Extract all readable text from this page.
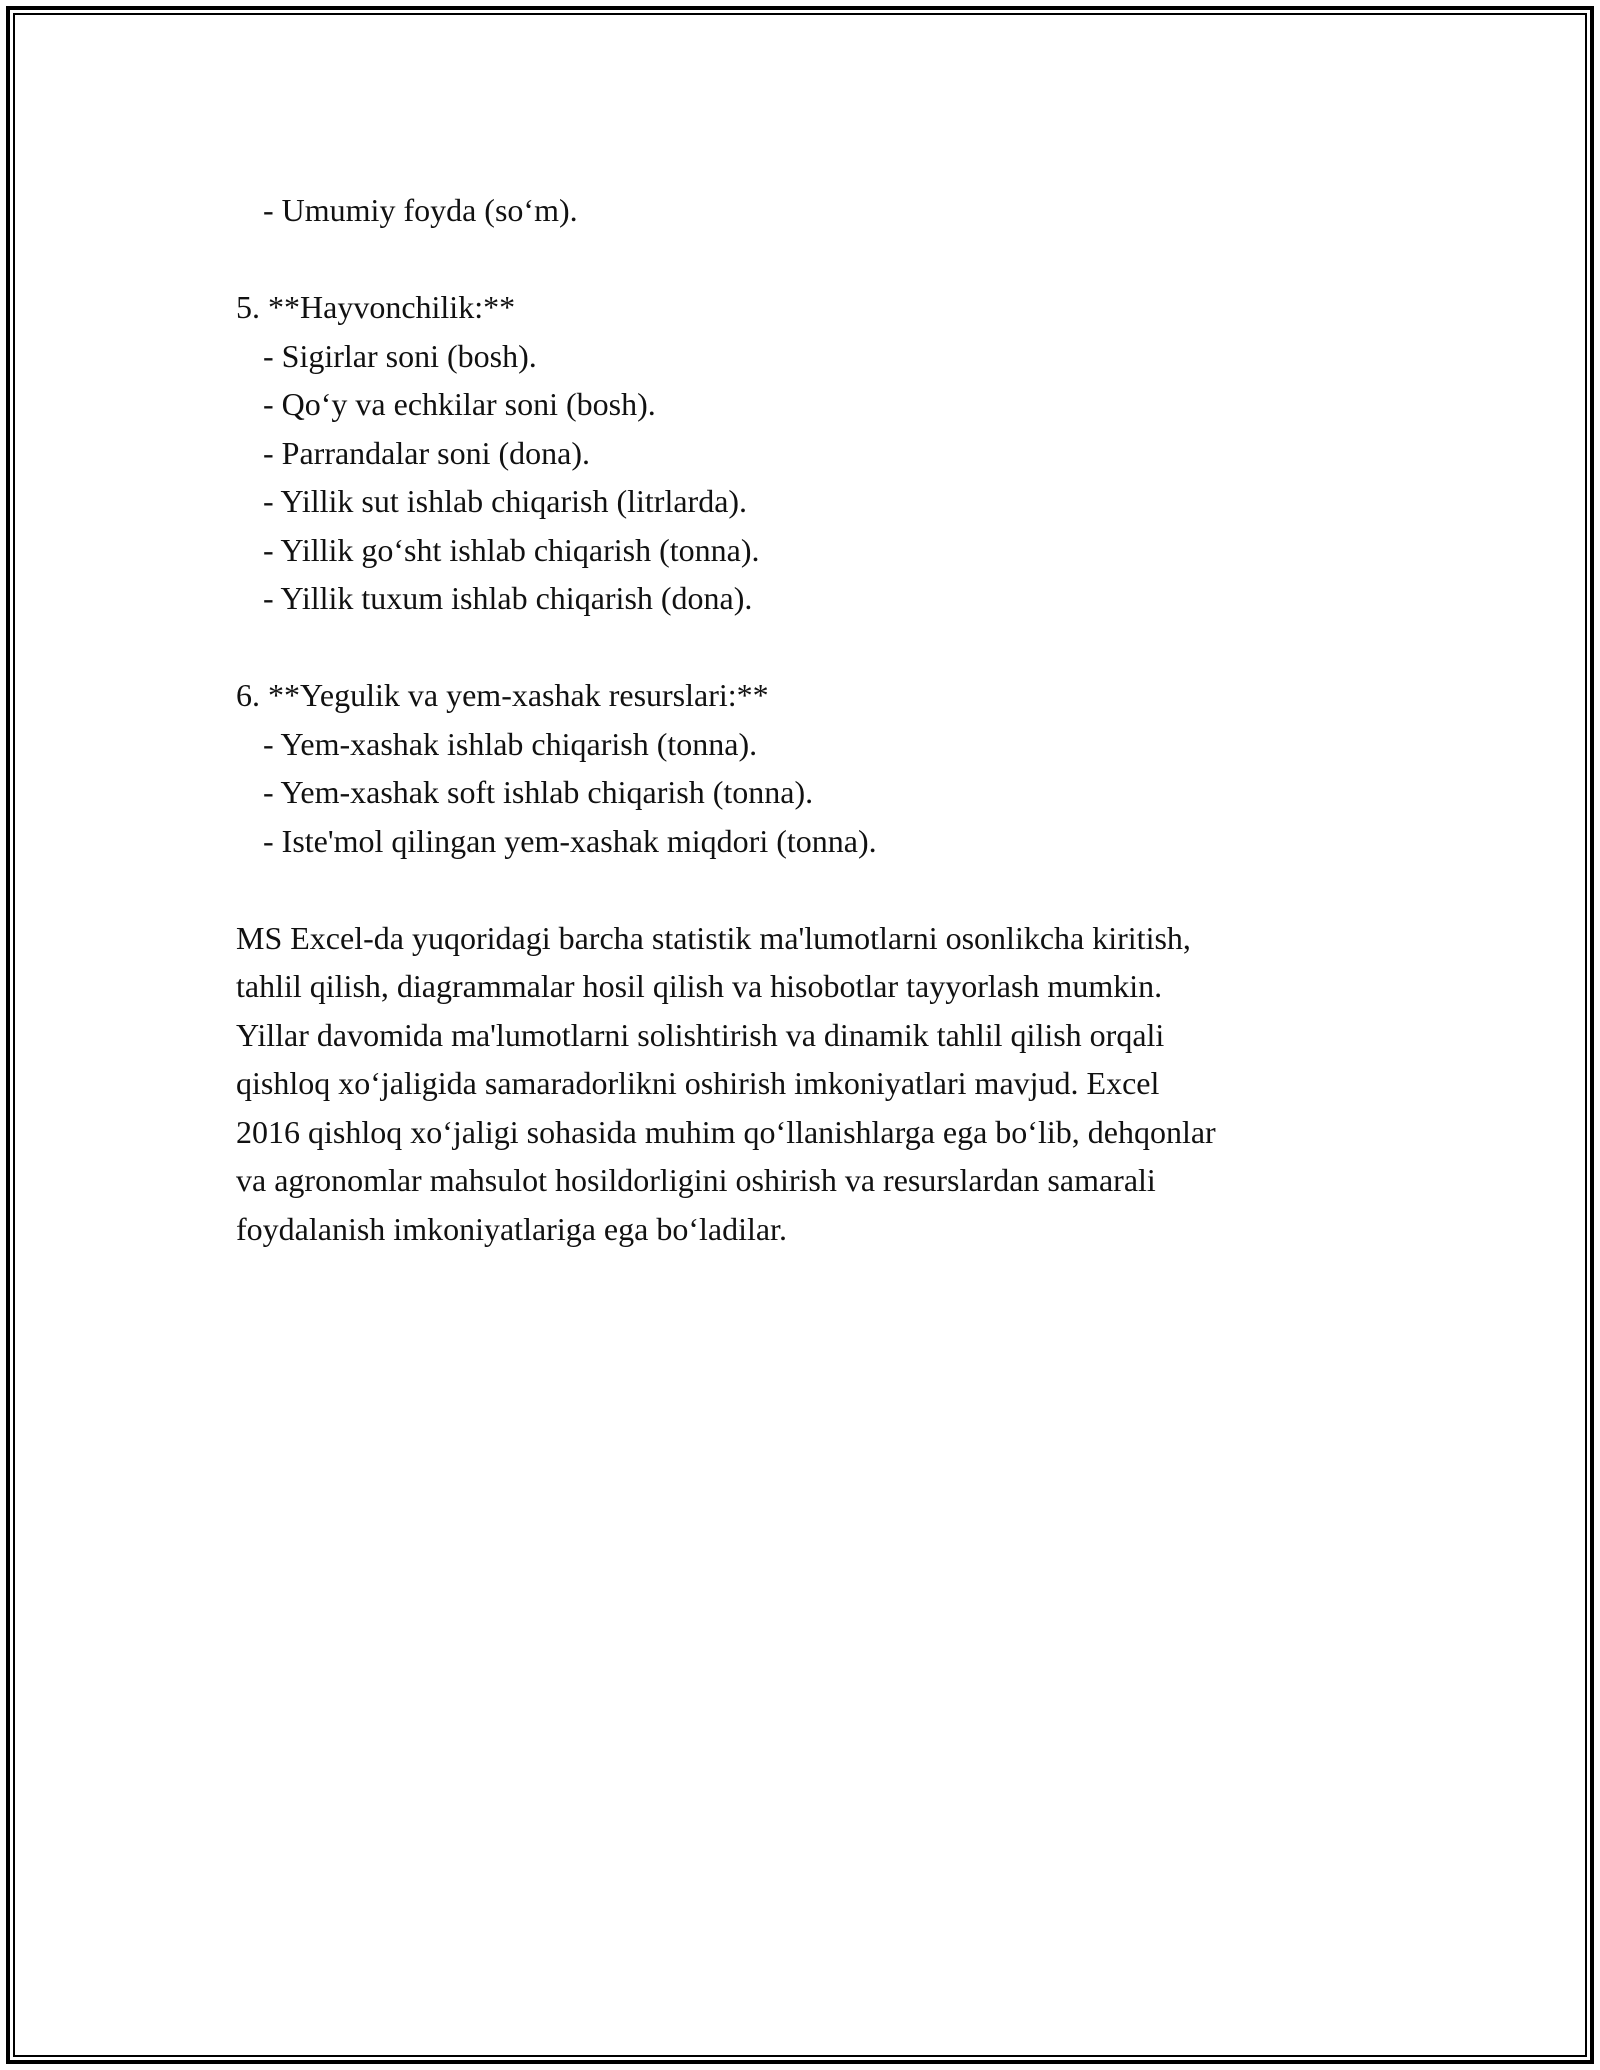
- Umumiy foyda (so‘m).
5. **Hayvonchilik:**
- Sigirlar soni (bosh).
- Qo‘y va echkilar soni (bosh).
- Parrandalar soni (dona).
- Yillik sut ishlab chiqarish (litrlarda).
- Yillik go‘sht ishlab chiqarish (tonna).
- Yillik tuxum ishlab chiqarish (dona).
6. **Yegulik va yem-xashak resurslari:**
- Yem-xashak ishlab chiqarish (tonna).
- Yem-xashak soft ishlab chiqarish (tonna).
- Iste'mol qilingan yem-xashak miqdori (tonna).
MS Excel-da yuqoridagi barcha statistik ma'lumotlarni osonlikcha kiritish,
tahlil qilish, diagrammalar hosil qilish va hisobotlar tayyorlash mumkin.
Yillar davomida ma'lumotlarni solishtirish va dinamik tahlil qilish orqali
qishloq xo‘jaligida samaradorlikni oshirish imkoniyatlari mavjud. Excel
2016 qishloq xo‘jaligi sohasida muhim qo‘llanishlarga ega bo‘lib, dehqonlar
va agronomlar mahsulot hosildorligini oshirish va resurslardan samarali
foydalanish imkoniyatlariga ega bo‘ladilar.
